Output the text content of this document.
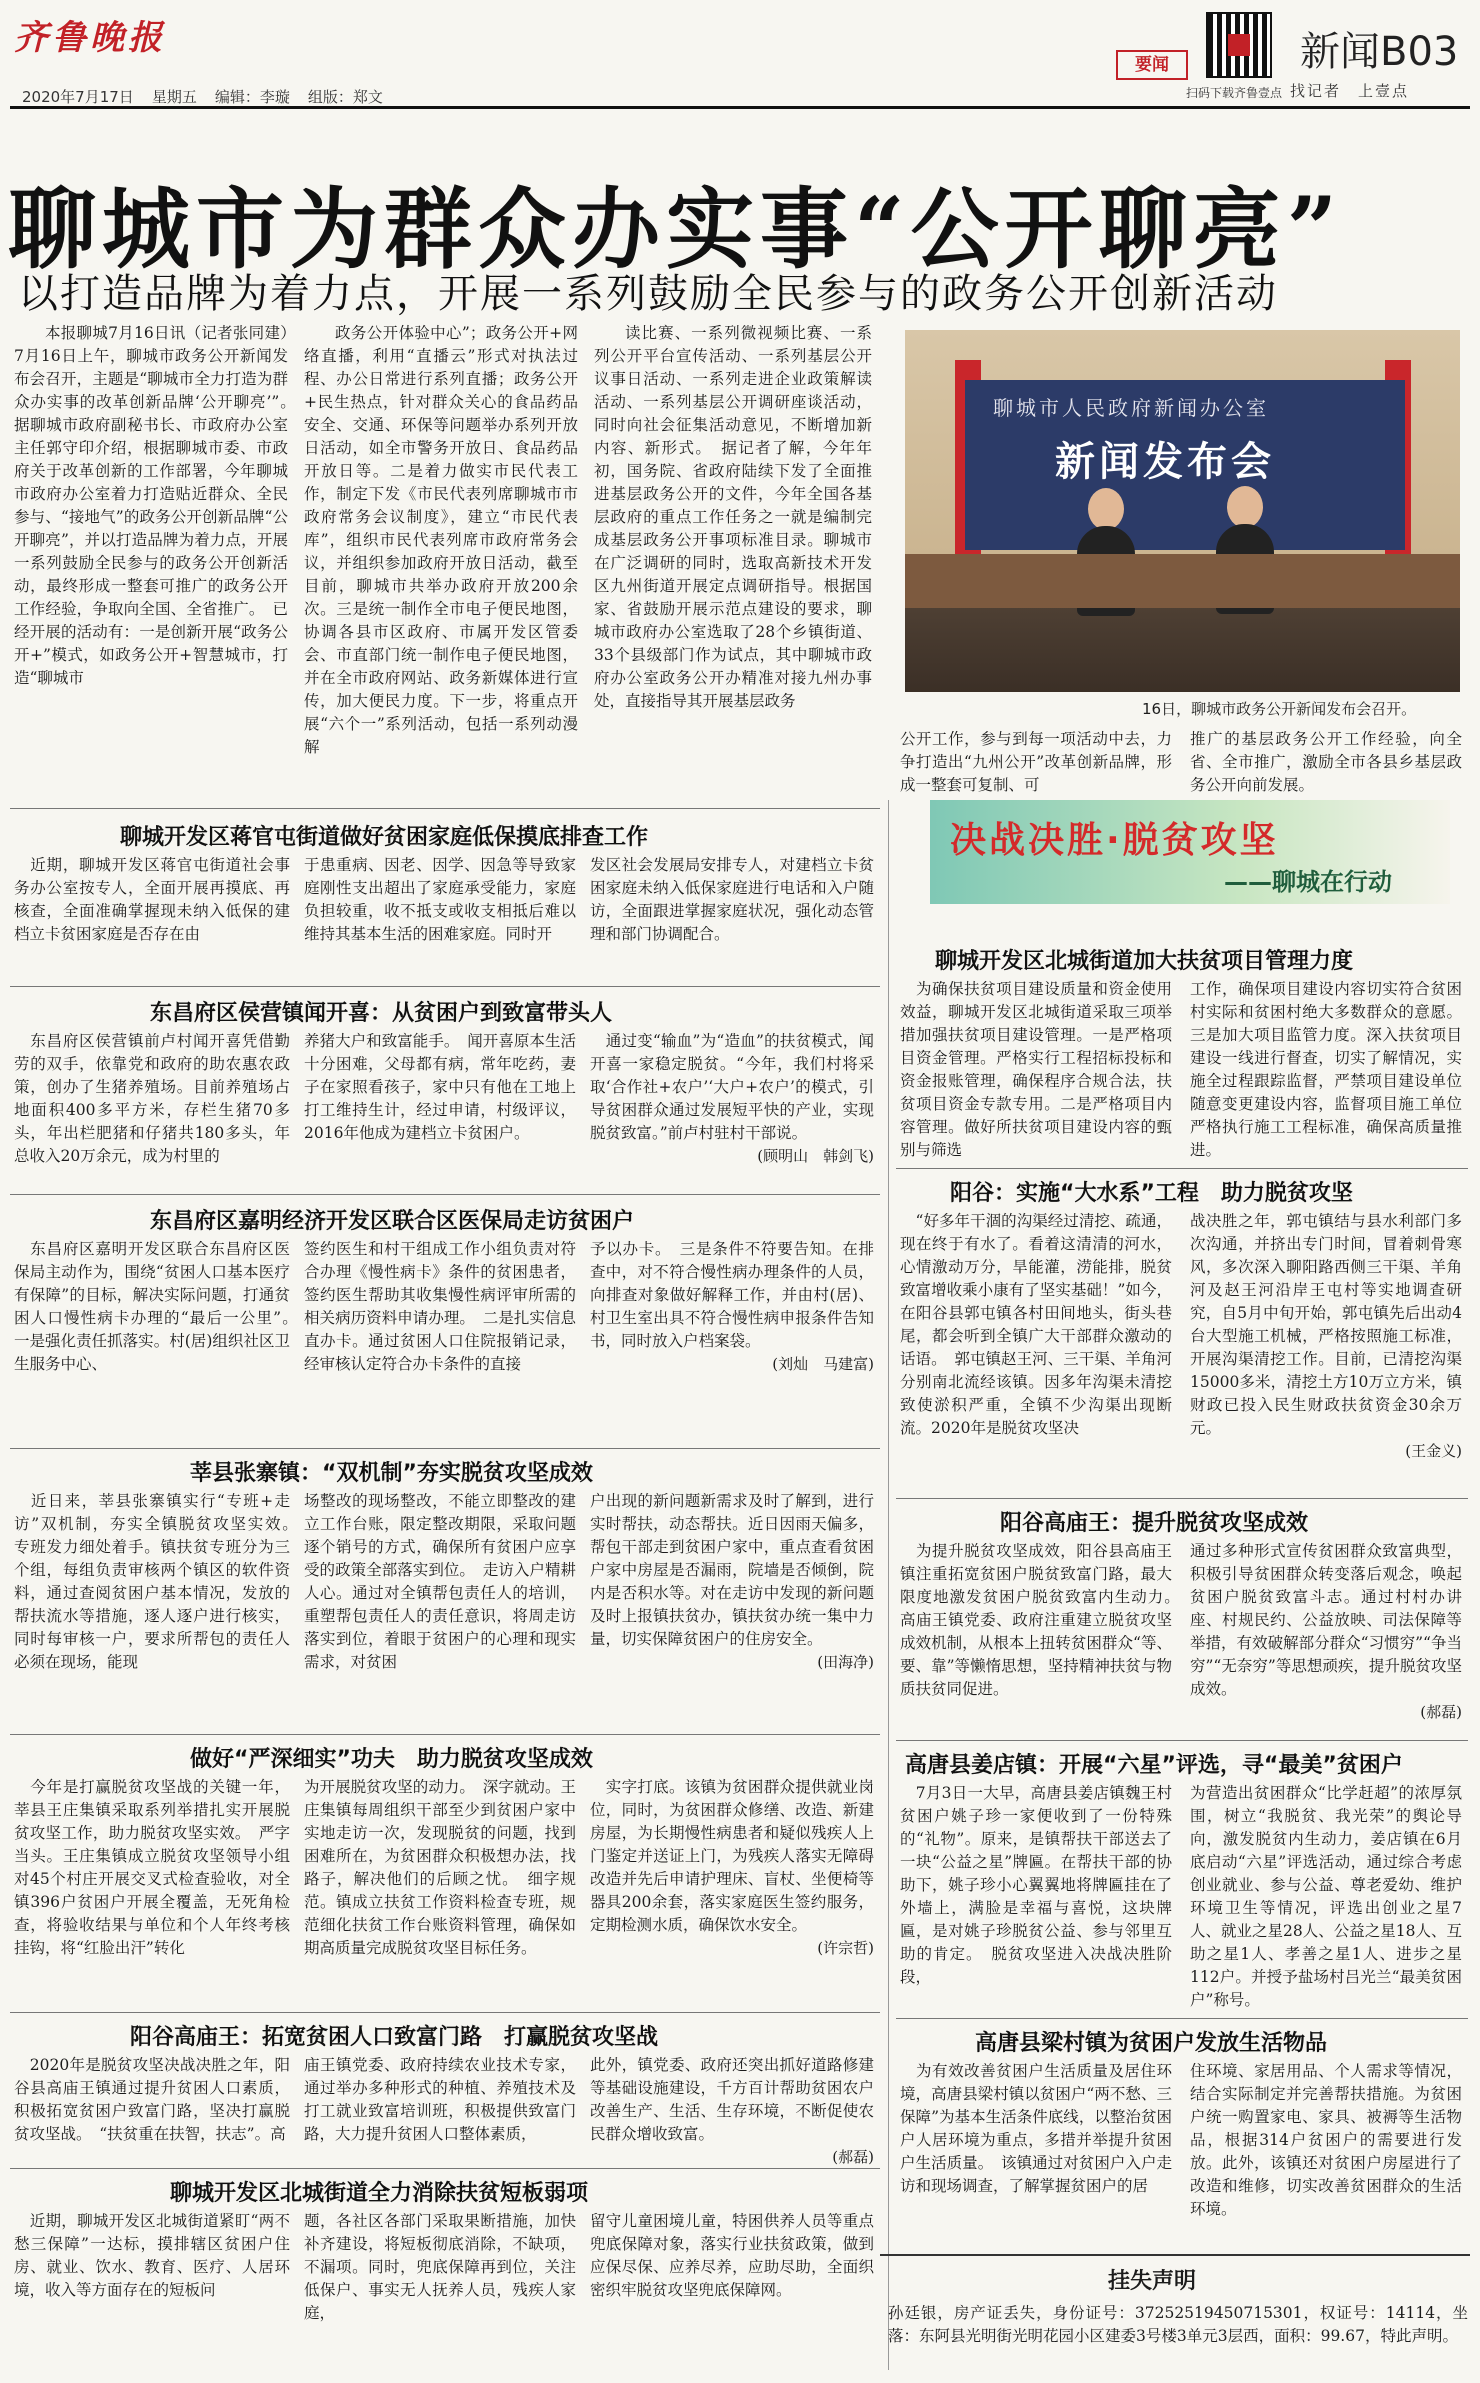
齐鲁晚报
2020年7月17日 星期五 编辑：李璇 组版：郑文
要闻
扫码下载齐鲁壹点
新闻B03
找记者　上壹点
聊城市为群众办实事“公开聊亮”
以打造品牌为着力点，开展一系列鼓励全民参与的政务公开创新活动

本报聊城7月16日讯（记者张同建）　7月16日上午，聊城市政务公开新闻发布会召开，主题是“聊城市全力打造为群众办实事的改革创新品牌‘公开聊亮’”。　据聊城市政府副秘书长、市政府办公室主任郭守印介绍，根据聊城市委、市政府关于改革创新的工作部署，今年聊城市政府办公室着力打造贴近群众、全民参与、“接地气”的政务公开创新品牌“公开聊亮”，并以打造品牌为着力点，开展一系列鼓励全民参与的政务公开创新活动，最终形成一整套可推广的政务公开工作经验，争取向全国、全省推广。　已经开展的活动有：一是创新开展“政务公开+”模式，如政务公开+智慧城市，打造“聊城市

政务公开体验中心”；政务公开+网络直播，利用“直播云”形式对执法过程、办公日常进行系列直播；政务公开+民生热点，针对群众关心的食品药品安全、交通、环保等问题举办系列开放日活动，如全市警务开放日、食品药品开放日等。二是着力做实市民代表工作，制定下发《市民代表列席聊城市市政府常务会议制度》，建立“市民代表库”，组织市民代表列席市政府常务会议，并组织参加政府开放日活动，截至目前，聊城市共举办政府开放200余次。三是统一制作全市电子便民地图，协调各县市区政府、市属开发区管委会、市直部门统一制作电子便民地图，并在全市政府网站、政务新媒体进行宣传，加大便民力度。下一步，将重点开展“六个一”系列活动，包括一系列动漫解

读比赛、一系列微视频比赛、一系列公开平台宣传活动、一系列基层公开议事日活动、一系列走进企业政策解读活动、一系列基层公开调研座谈活动，同时向社会征集活动意见，不断增加新内容、新形式。　据记者了解，今年年初，国务院、省政府陆续下发了全面推进基层政务公开的文件，今年全国各基层政府的重点工作任务之一就是编制完成基层政务公开事项标准目录。聊城市在广泛调研的同时，选取高新技术开发区九州街道开展定点调研指导。根据国家、省鼓励开展示范点建设的要求，聊城市政府办公室选取了28个乡镇街道、33个县级部门作为试点，其中聊城市政府办公室政务公开办精准对接九州办事处，直接指导其开展基层政务

聊城市人民政府新闻办公室
新闻发布会
16日，聊城市政务公开新闻发布会召开。
公开工作，参与到每一项活动中去，力争打造出“九州公开”改革创新品牌，形成一整套可复制、可
推广的基层政务公开工作经验，向全省、全市推广，激励全市各县乡基层政务公开向前发展。
决战决胜·脱贫攻坚
——聊城在行动
聊城开发区蒋官屯街道做好贫困家庭低保摸底排查工作
　近期，聊城开发区蒋官屯街道社会事务办公室按专人，全面开展再摸底、再核查，全面准确掌握现未纳入低保的建档立卡贫困家庭是否存在由
于患重病、因老、因学、因急等导致家庭刚性支出超出了家庭承受能力，家庭负担较重，收不抵支或收支相抵后难以维持其基本生活的困难家庭。同时开
发区社会发展局安排专人，对建档立卡贫困家庭未纳入低保家庭进行电话和入户随访，全面跟进掌握家庭状况，强化动态管理和部门协调配合。
东昌府区侯营镇闻开喜：从贫困户到致富带头人
　东昌府区侯营镇前卢村闻开喜凭借勤劳的双手，依靠党和政府的助农惠农政策，创办了生猪养殖场。目前养殖场占地面积400多平方米，存栏生猪70多头，年出栏肥猪和仔猪共180多头，年总收入20万余元，成为村里的
养猪大户和致富能手。　闻开喜原本生活十分困难，父母都有病，常年吃药，妻子在家照看孩子，家中只有他在工地上打工维持生计，经过申请，村级评议，2016年他成为建档立卡贫困户。
　通过变“输血”为“造血”的扶贫模式，闻开喜一家稳定脱贫。“今年，我们村将采取‘合作社+农户’‘大户+农户’的模式，引导贫困群众通过发展短平快的产业，实现脱贫致富。”前卢村驻村干部说。
(顾明山　韩剑飞)
东昌府区嘉明经济开发区联合区医保局走访贫困户
　东昌府区嘉明开发区联合东昌府区医保局主动作为，围绕“贫困人口基本医疗有保障”的目标，解决实际问题，打通贫困人口慢性病卡办理的“最后一公里”。　一是强化责任抓落实。村(居)组织社区卫生服务中心、
签约医生和村干组成工作小组负责对符合办理《慢性病卡》条件的贫困患者，签约医生帮助其收集慢性病评审所需的相关病历资料申请办理。　二是扎实信息直办卡。通过贫困人口住院报销记录，经审核认定符合办卡条件的直接
予以办卡。　三是条件不符要告知。在排查中，对不符合慢性病办理条件的人员，向排查对象做好解释工作，并由村(居)、村卫生室出具不符合慢性病申报条件告知书，同时放入户档案袋。
(刘灿　马建富)
莘县张寨镇：“双机制”夯实脱贫攻坚成效
　近日来，莘县张寨镇实行“专班+走访”双机制，夯实全镇脱贫攻坚实效。　专班发力细处着手。镇扶贫专班分为三个组，每组负责审核两个镇区的软件资料，通过查阅贫困户基本情况，发放的帮扶流水等措施，逐人逐户进行核实，同时每审核一户，要求所帮包的责任人必须在现场，能现
场整改的现场整改，不能立即整改的建立工作台账，限定整改期限，采取问题逐个销号的方式，确保所有贫困户应享受的政策全部落实到位。　走访入户精耕人心。通过对全镇帮包责任人的培训，重塑帮包责任人的责任意识，将周走访落实到位，着眼于贫困户的心理和现实需求，对贫困
户出现的新问题新需求及时了解到，进行实时帮扶，动态帮扶。近日因雨天偏多，帮包干部走到贫困户家中，重点查看贫困户家中房屋是否漏雨，院墙是否倾倒，院内是否积水等。对在走访中发现的新问题及时上报镇扶贫办，镇扶贫办统一集中力量，切实保障贫困户的住房安全。
(田海净)
做好“严深细实”功夫　助力脱贫攻坚成效
　今年是打赢脱贫攻坚战的关键一年，莘县王庄集镇采取系列举措扎实开展脱贫攻坚工作，助力脱贫攻坚实效。　严字当头。王庄集镇成立脱贫攻坚领导小组对45个村庄开展交叉式检查验收，对全镇396户贫困户开展全覆盖，无死角检查，将验收结果与单位和个人年终考核挂钩，将“红脸出汗”转化
为开展脱贫攻坚的动力。　深字就动。王庄集镇每周组织干部至少到贫困户家中实地走访一次，发现脱贫的问题，找到困难所在，为贫困群众积极想办法，找路子，解决他们的后顾之忧。　细字规范。镇成立扶贫工作资料检查专班，规范细化扶贫工作台账资料管理，确保如期高质量完成脱贫攻坚目标任务。
　实字打底。该镇为贫困群众提供就业岗位，同时，为贫困群众修缮、改造、新建房屋，为长期慢性病患者和疑似残疾人上门鉴定并送证上门，为残疾人落实无障碍改造并先后申请护理床、盲杖、坐便椅等器具200余套，落实家庭医生签约服务，定期检测水质，确保饮水安全。
(许宗哲)
阳谷高庙王：拓宽贫困人口致富门路　打赢脱贫攻坚战
　2020年是脱贫攻坚决战决胜之年，阳谷县高庙王镇通过提升贫困人口素质，积极拓宽贫困户致富门路，坚决打赢脱贫攻坚战。　“扶贫重在扶智，扶志”。高
庙王镇党委、政府持续农业技术专家，通过举办多种形式的种植、养殖技术及打工就业致富培训班，积极提供致富门路，大力提升贫困人口整体素质，
此外，镇党委、政府还突出抓好道路修建等基础设施建设，千方百计帮助贫困农户改善生产、生活、生存环境，不断促使农民群众增收致富。
(郝磊)
聊城开发区北城街道全力消除扶贫短板弱项
　近期，聊城开发区北城街道紧盯“两不愁三保障”一达标，摸排辖区贫困户住房、就业、饮水、教育、医疗、人居环境，收入等方面存在的短板问
题，各社区各部门采取果断措施，加快补齐建设，将短板彻底消除，不缺项，不漏项。同时，兜底保障再到位，关注低保户、事实无人抚养人员，残疾人家庭，
留守儿童困境儿童，特困供养人员等重点兜底保障对象，落实行业扶贫政策，做到应保尽保、应养尽养，应助尽助，全面织密织牢脱贫攻坚兜底保障网。
聊城开发区北城街道加大扶贫项目管理力度
　为确保扶贫项目建设质量和资金使用效益，聊城开发区北城街道采取三项举措加强扶贫项目建设管理。一是严格项目资金管理。严格实行工程招标投标和资金报账管理，确保程序合规合法，扶贫项目资金专款专用。二是严格项目内容管理。做好所扶贫项目建设内容的甄别与筛选
工作，确保项目建设内容切实符合贫困村实际和贫困村绝大多数群众的意愿。三是加大项目监管力度。深入扶贫项目建设一线进行督查，切实了解情况，实施全过程跟踪监督，严禁项目建设单位随意变更建设内容，监督项目施工单位严格执行施工工程标准，确保高质量推进。
阳谷：实施“大水系”工程　助力脱贫攻坚
　“好多年干涸的沟渠经过清挖、疏通，现在终于有水了。看着这清清的河水，心情激动万分，旱能灌，涝能排，脱贫致富增收乘小康有了坚实基础！”如今，在阳谷县郭屯镇各村田间地头，街头巷尾，都会听到全镇广大干部群众激动的话语。　郭屯镇赵王河、三干渠、羊角河分别南北流经该镇。因多年沟渠未清挖致使淤积严重，全镇不少沟渠出现断流。2020年是脱贫攻坚决
战决胜之年，郭屯镇结与县水利部门多次沟通，并挤出专门时间，冒着刺骨寒风，多次深入聊阳路西侧三干渠、羊角河及赵王河沿岸王屯村等实地调查研究，自5月中旬开始，郭屯镇先后出动4台大型施工机械，严格按照施工标准，开展沟渠清挖工作。目前，已清挖沟渠15000多米，清挖土方10万立方米，镇财政已投入民生财政扶贫资金30余万元。
(王金义)
阳谷高庙王：提升脱贫攻坚成效
　为提升脱贫攻坚成效，阳谷县高庙王镇注重拓宽贫困户脱贫致富门路，最大限度地激发贫困户脱贫致富内生动力。　高庙王镇党委、政府注重建立脱贫攻坚成效机制，从根本上扭转贫困群众“等、要、靠”等懒惰思想，坚持精神扶贫与物质扶贫同促进。
通过多种形式宣传贫困群众致富典型，积极引导贫困群众转变落后观念，唤起贫困户脱贫致富斗志。通过村村办讲座、村规民约、公益放映、司法保障等举措，有效破解部分群众“习惯穷”“争当穷”“无奈穷”等思想顽疾，提升脱贫攻坚成效。
(郝磊)
高唐县姜店镇：开展“六星”评选，寻“最美”贫困户
　7月3日一大早，高唐县姜店镇魏王村贫困户姚子珍一家便收到了一份特殊的“礼物”。原来，是镇帮扶干部送去了一块“公益之星”牌匾。在帮扶干部的协助下，姚子珍小心翼翼地将牌匾挂在了外墙上，满脸是幸福与喜悦，这块牌匾，是对姚子珍脱贫公益、参与邻里互助的肯定。　脱贫攻坚进入决战决胜阶段，
为营造出贫困群众“比学赶超”的浓厚氛围，树立“我脱贫、我光荣”的舆论导向，激发脱贫内生动力，姜店镇在6月底启动“六星”评选活动，通过综合考虑创业就业、参与公益、尊老爱幼、维护环境卫生等情况，评选出创业之星7人、就业之星28人、公益之星18人、互助之星1人、孝善之星1人、进步之星112户。并授予盐场村吕光兰“最美贫困户”称号。
高唐县梁村镇为贫困户发放生活物品
　为有效改善贫困户生活质量及居住环境，高唐县梁村镇以贫困户“两不愁、三保障”为基本生活条件底线，以整治贫困户人居环境为重点，多措并举提升贫困户生活质量。　该镇通过对贫困户入户走访和现场调查，了解掌握贫困户的居
住环境、家居用品、个人需求等情况，结合实际制定并完善帮扶措施。为贫困户统一购置家电、家具、被褥等生活物品，根据314户贫困户的需要进行发放。此外，该镇还对贫困户房屋进行了改造和维修，切实改善贫困群众的生活环境。
挂失声明
孙廷银，房产证丢失，身份证号：372525194507153​01，权证号：14114，坐落：东阿县光明街光明花园小区建委3号楼3单元3层西，面积：99.67，特此声明。
